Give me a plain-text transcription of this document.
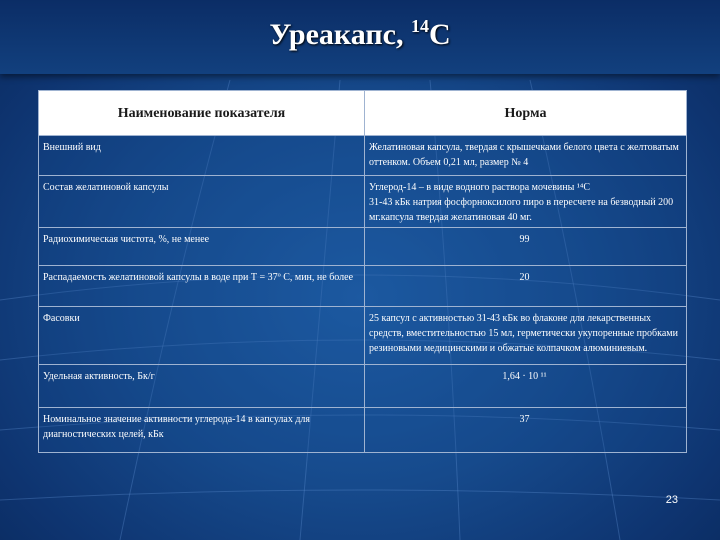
Уреакапс, $^{14}$C
Наименование показателя	Норма
Внешний вид	Желатиновая капсула, твердая с крышечками белого цвета с желтоватым оттенком. Объем 0,21 мл, размер № 4

Состав желатиновой капсулы	Углерод-14 – в виде водного раствора мочевины ¹⁴C
31-43 кБк натрия фосфорноксилого пиро в пересчете на безводный 200 мг.капсула твердая желатиновая 40 мг.

Радиохимическая чистота, %, не менее	99

Распадаемость желатиновой капсулы в воде при Т = 37º С, мин, не более	20

Фасовки	25 капсул с активностью 31-43 кБк во флаконе для лекарственных средств, вместительностью 15 мл, герметически укупоренные пробками резиновыми медицинскими и обжатые колпачком алюминиевым.

Удельная активность, Бк/г	1,64 · 10 ¹¹

Номинальное значение активности углерода-14 в капсулах для диагностических целей, кБк	37
23
